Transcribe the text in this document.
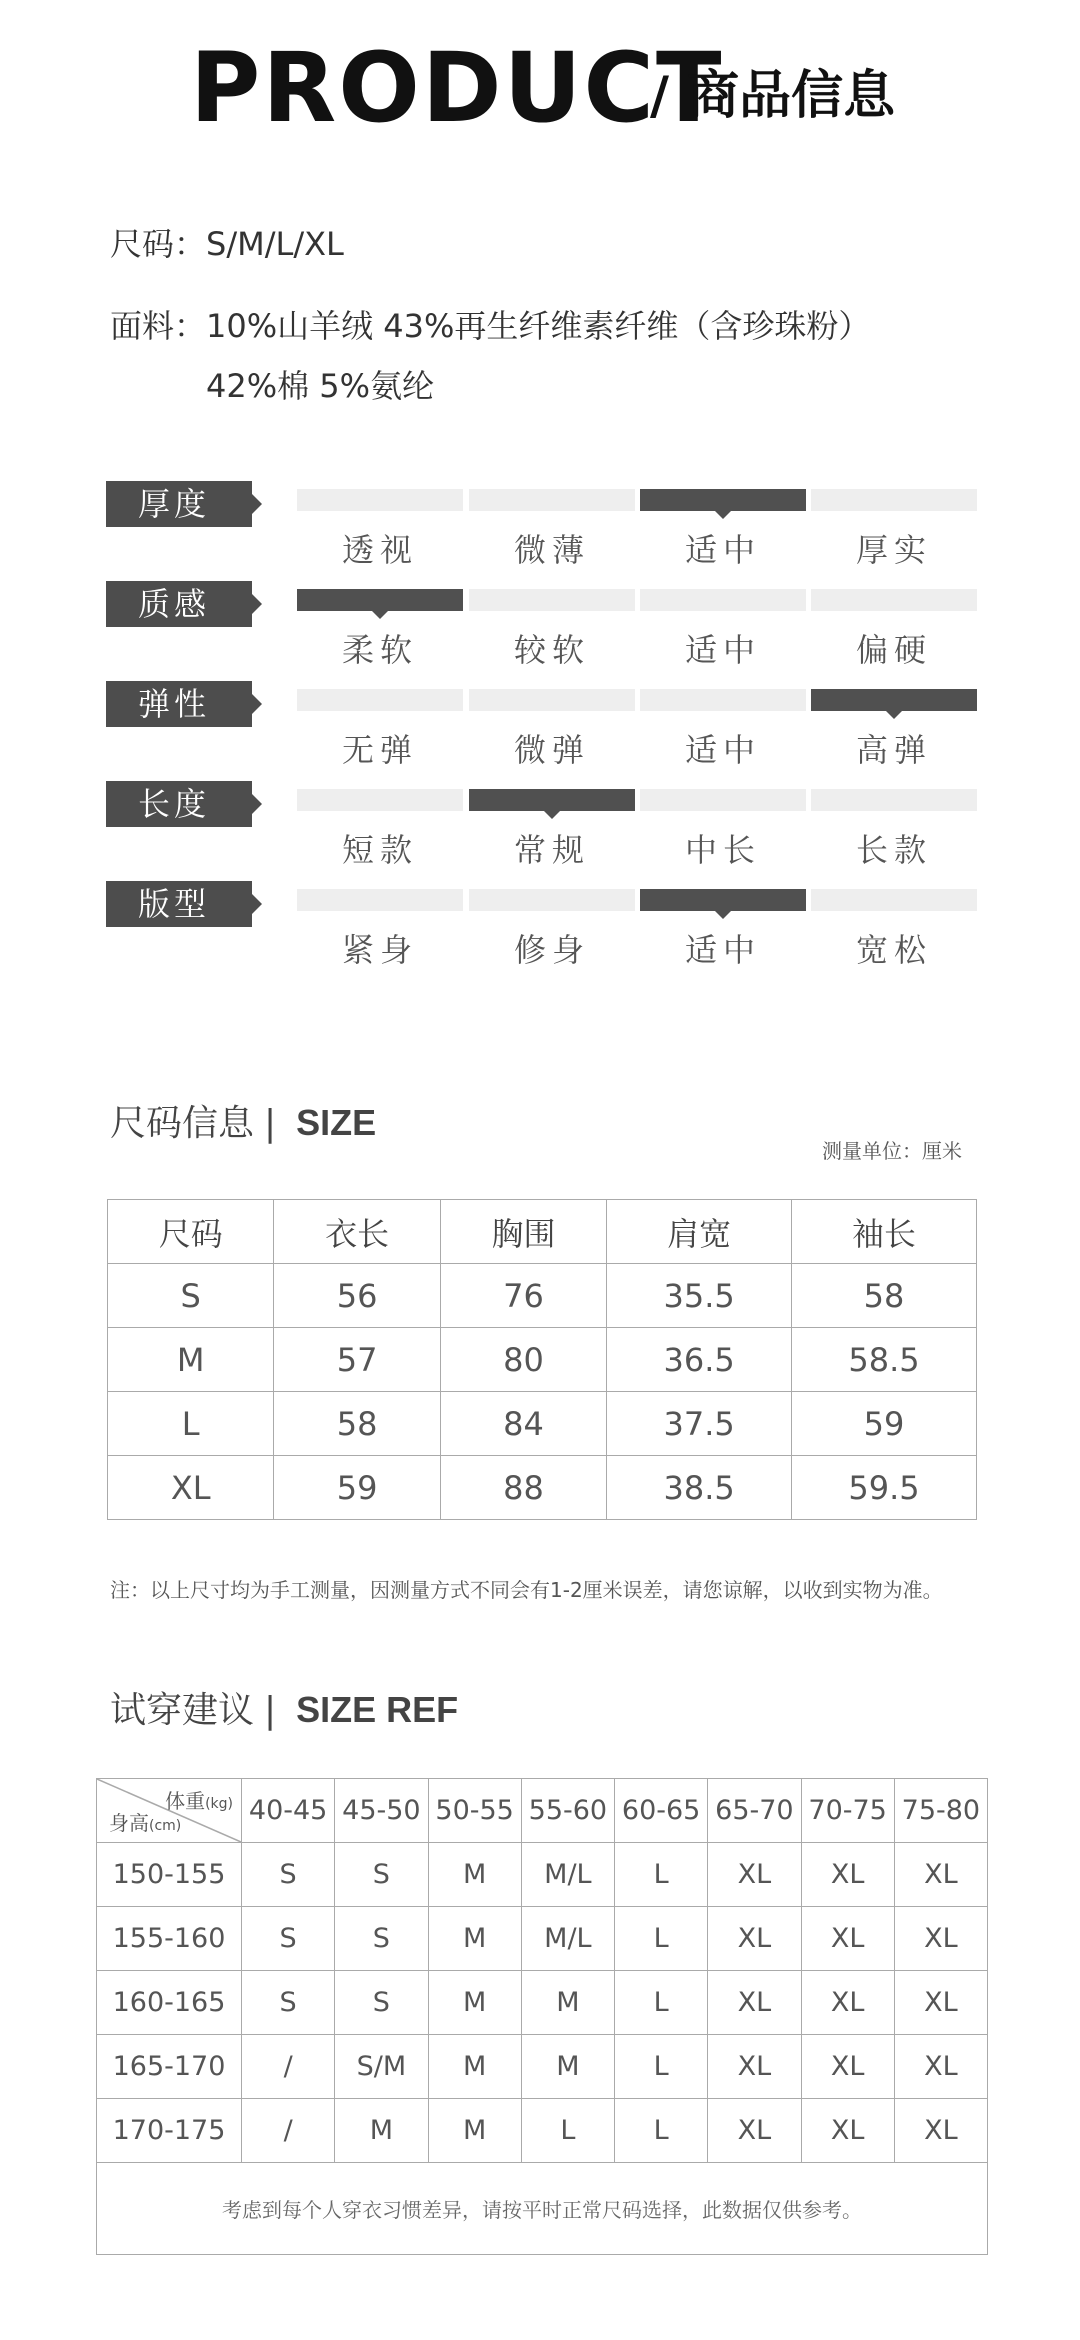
PRODUCT
/ 商品信息
尺码：S/M/L/XL
面料：10%山羊绒 43%再生纤维素纤维（含珍珠粉）
42%棉 5%氨纶
厚度
透视	微薄	适中	厚实
质感
柔软	较软	适中	偏硬
弹性
无弹	微弹	适中	高弹
长度
短款	常规	中长	长款
版型
紧身	修身	适中	宽松
尺码信息 | SIZE
测量单位：厘米
尺码	衣长	胸围	肩宽	袖长
S	56	76	35.5	58
M	57	80	36.5	58.5
L	58	84	37.5	59
XL	59	88	38.5	59.5
注：以上尺寸均为手工测量，因测量方式不同会有1-2厘米误差，请您谅解，以收到实物为准。
试穿建议 | SIZE REF
体重(kg)
身高(cm)	40-45	45-50	50-55	55-60	60-65	65-70	70-75	75-80
150-155	S	S	M	M/L	L	XL	XL	XL
155-160	S	S	M	M/L	L	XL	XL	XL
160-165	S	S	M	M	L	XL	XL	XL
165-170	/	S/M	M	M	L	XL	XL	XL
170-175	/	M	M	L	L	XL	XL	XL
考虑到每个人穿衣习惯差异，请按平时正常尺码选择，此数据仅供参考。								
